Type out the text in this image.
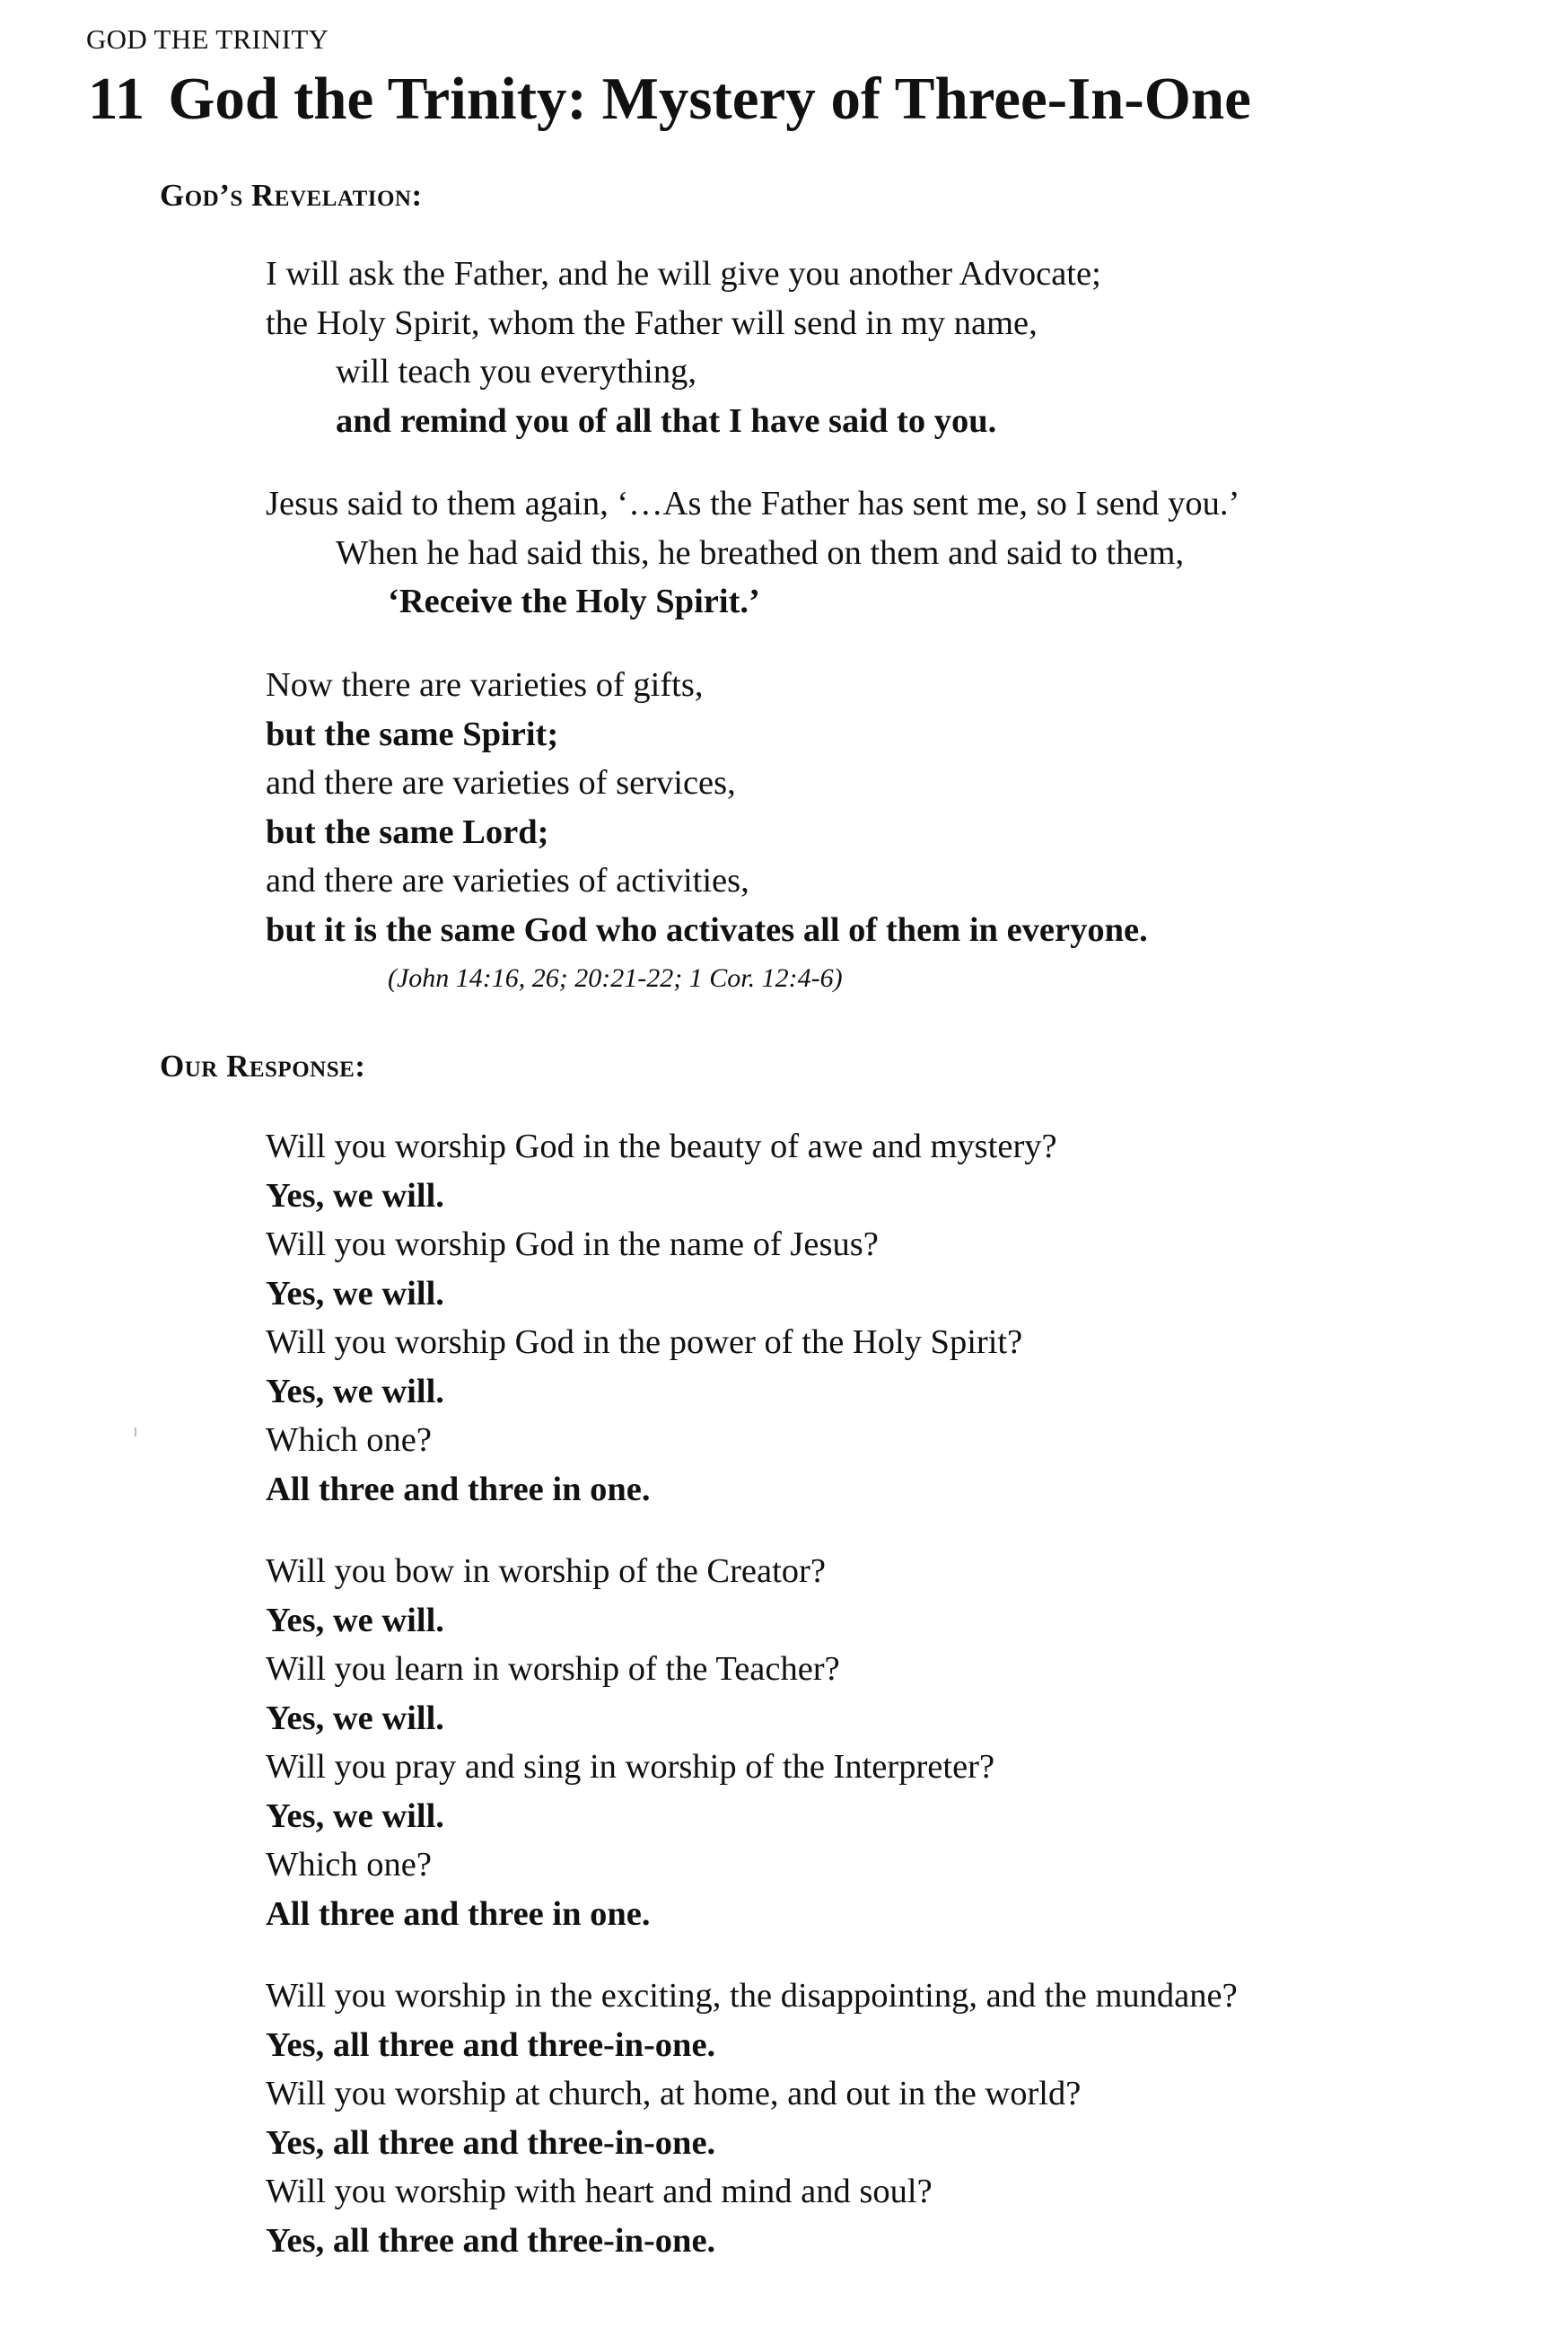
GOD THE TRINITY
11 God the Trinity: Mystery of Three-In-One
God’s Revelation:
I will ask the Father, and he will give you another Advocate;
the Holy Spirit, whom the Father will send in my name,
will teach you everything,
and remind you of all that I have said to you.
Jesus said to them again, ‘…As the Father has sent me, so I send you.’
When he had said this, he breathed on them and said to them,
‘Receive the Holy Spirit.’
Now there are varieties of gifts,
but the same Spirit;
and there are varieties of services,
but the same Lord;
and there are varieties of activities,
but it is the same God who activates all of them in everyone.
(John 14:16, 26; 20:21-22; 1 Cor. 12:4-6)
Our Response:
Will you worship God in the beauty of awe and mystery?
Yes, we will.
Will you worship God in the name of Jesus?
Yes, we will.
Will you worship God in the power of the Holy Spirit?
Yes, we will.
Which one?
All three and three in one.
Will you bow in worship of the Creator?
Yes, we will.
Will you learn in worship of the Teacher?
Yes, we will.
Will you pray and sing in worship of the Interpreter?
Yes, we will.
Which one?
All three and three in one.
Will you worship in the exciting, the disappointing, and the mundane?
Yes, all three and three-in-one.
Will you worship at church, at home, and out in the world?
Yes, all three and three-in-one.
Will you worship with heart and mind and soul?
Yes, all three and three-in-one.
